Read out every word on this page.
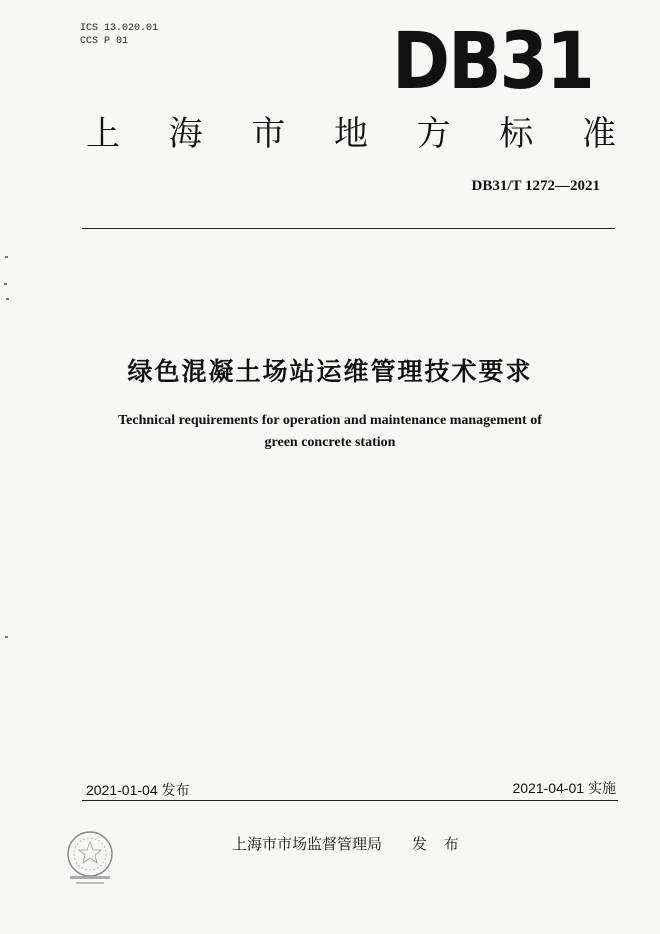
ICS 13.020.01
CCS P 01	DB31
上 海 市 地 方 标 准
DB31/T 1272—2021
绿色混凝土场站运维管理技术要求
Technical requirements for operation and maintenance management of
green concrete station
2021-01-04 发布	2021-04-01 实施
上海市市场监督管理局 发 布
